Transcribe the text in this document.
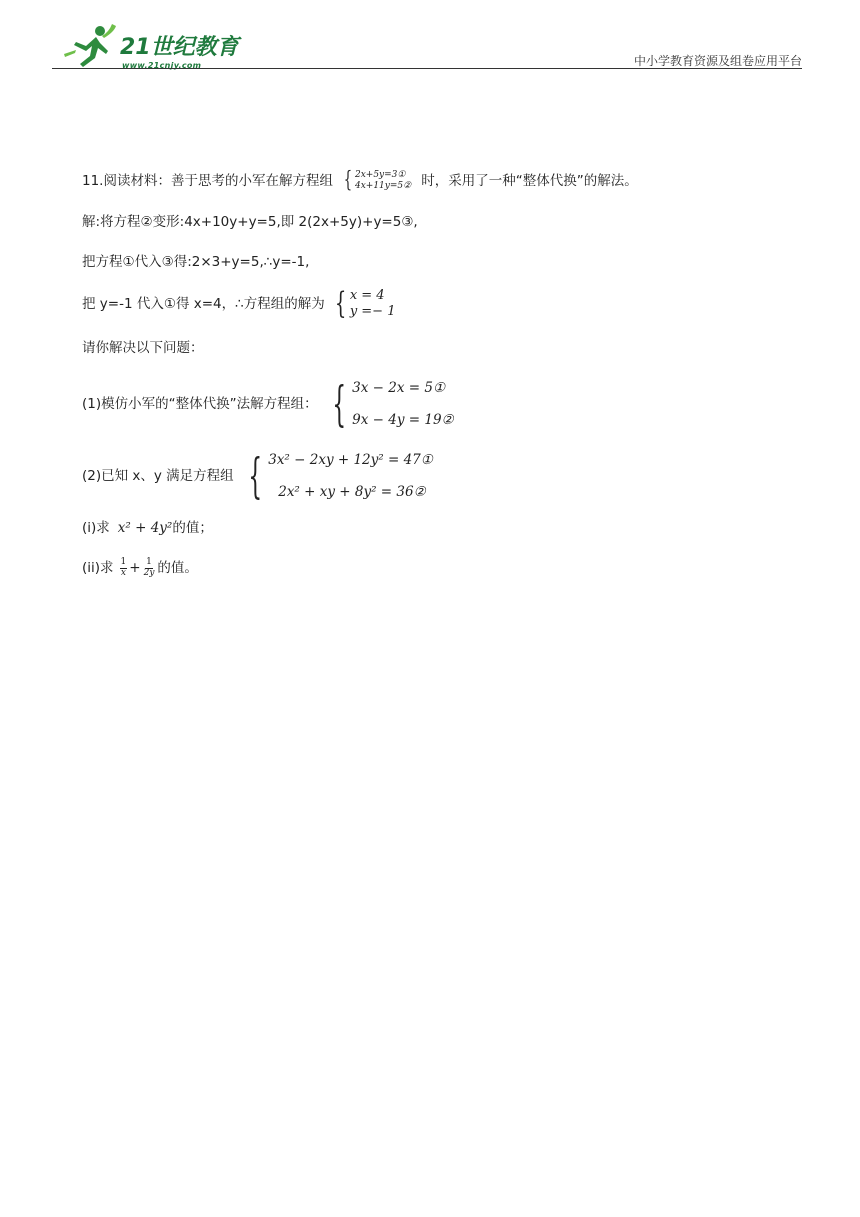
21世纪教育
www.21cnjy.com	中小学教育资源及组卷应用平台
11.阅读材料：善于思考的小军在解方程组 { 2x+5y=3①
4x+11y=5② 时，采用了一种“整体代换”的解法。
解:将方程②变形:4x+10y+y=5,即 2(2x+5y)+y=5③,
把方程①代入③得:2×3+y=5,∴y=-1,
把 y=-1 代入①得 x=4，∴方程组的解为 { x = 4
y =− 1
请你解决以下问题：
(1)模仿小军的“整体代换”法解方程组： { 3x − 2x = 5①
9x − 4y = 19②
(2)已知 x、y 满足方程组 { 3x² − 2xy + 12y² = 47①
2x² + xy + 8y² = 36②
(i)求 x² + 4y² 的值；
(ii)求 $\frac{1}{x} + \frac{1}{2y}$ 的值。
